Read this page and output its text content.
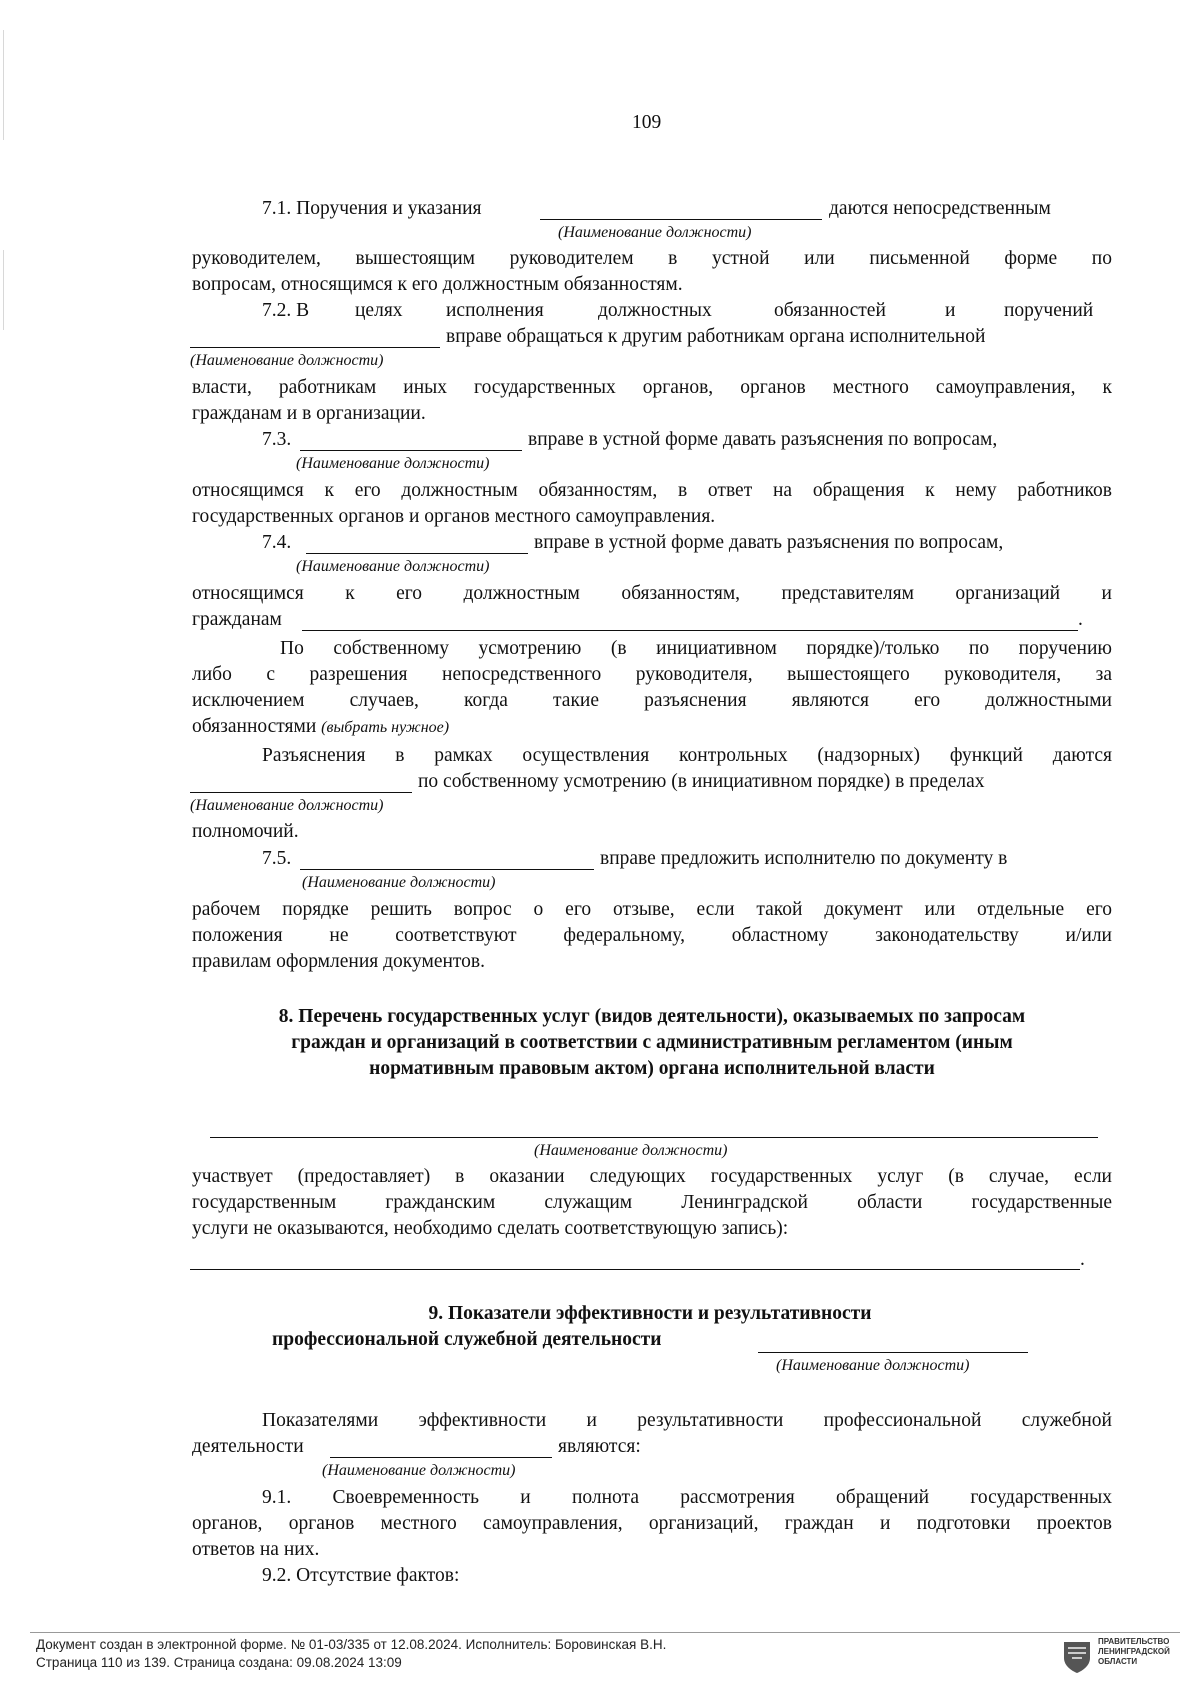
109
7.1. Поручения и указания	даются непосредственным
(Наименование должности)
руководителем, вышестоящим руководителем в устной или письменной форме по
вопросам, относящимся к его должностным обязанностям.
7.2. В целях исполнения	должностных	обязанностей	и поручений
вправе обращаться к другим работникам органа исполнительной
(Наименование должности)
власти, работникам иных государственных органов, органов местного самоуправления, к
гражданам и в организации.
7.3.	вправе в устной форме давать разъяснения по вопросам,
(Наименование должности)
относящимся к его должностным обязанностям, в ответ на обращения к нему работников
государственных органов и органов местного самоуправления.
7.4.	вправе в устной форме давать разъяснения по вопросам,
(Наименование должности)
относящимся к его должностным обязанностям, представителям организаций и
гражданам	.
По собственному усмотрению (в инициативном порядке)/только по поручению
либо с разрешения непосредственного руководителя, вышестоящего руководителя, за
исключением случаев, когда такие разъяснения являются его должностными
обязанностями (выбрать нужное)
Разъяснения в рамках осуществления контрольных (надзорных) функций даются
по собственному усмотрению (в инициативном порядке) в пределах
(Наименование должности)
полномочий.
7.5.	вправе предложить исполнителю по документу в
(Наименование должности)
рабочем порядке решить вопрос о его отзыве, если такой документ или отдельные его
положения не соответствуют федеральному, областному законодательству и/или
правилам оформления документов.
8. Перечень государственных услуг (видов деятельности), оказываемых по запросам
граждан и организаций в соответствии с административным регламентом (иным
нормативным правовым актом) органа исполнительной власти
(Наименование должности)
участвует (предоставляет) в оказании следующих государственных услуг (в случае, если
государственным гражданским служащим Ленинградской области государственные
услуги не оказываются, необходимо сделать соответствующую запись):
.
9. Показатели эффективности и результативности
профессиональной служебной деятельности
(Наименование должности)
Показателями эффективности и результативности профессиональной служебной
деятельности	являются:
(Наименование должности)
9.1. Своевременность и полнота рассмотрения обращений государственных
органов, органов местного самоуправления, организаций, граждан и подготовки проектов
ответов на них.
9.2. Отсутствие фактов:
Документ создан в электронной форме. № 01-03/335 от 12.08.2024. Исполнитель: Боровинская В.Н.
Страница 110 из 139. Страница создана: 09.08.2024 13:09
ПРАВИТЕЛЬСТВО
ЛЕНИНГРАДСКОЙ
ОБЛАСТИ
